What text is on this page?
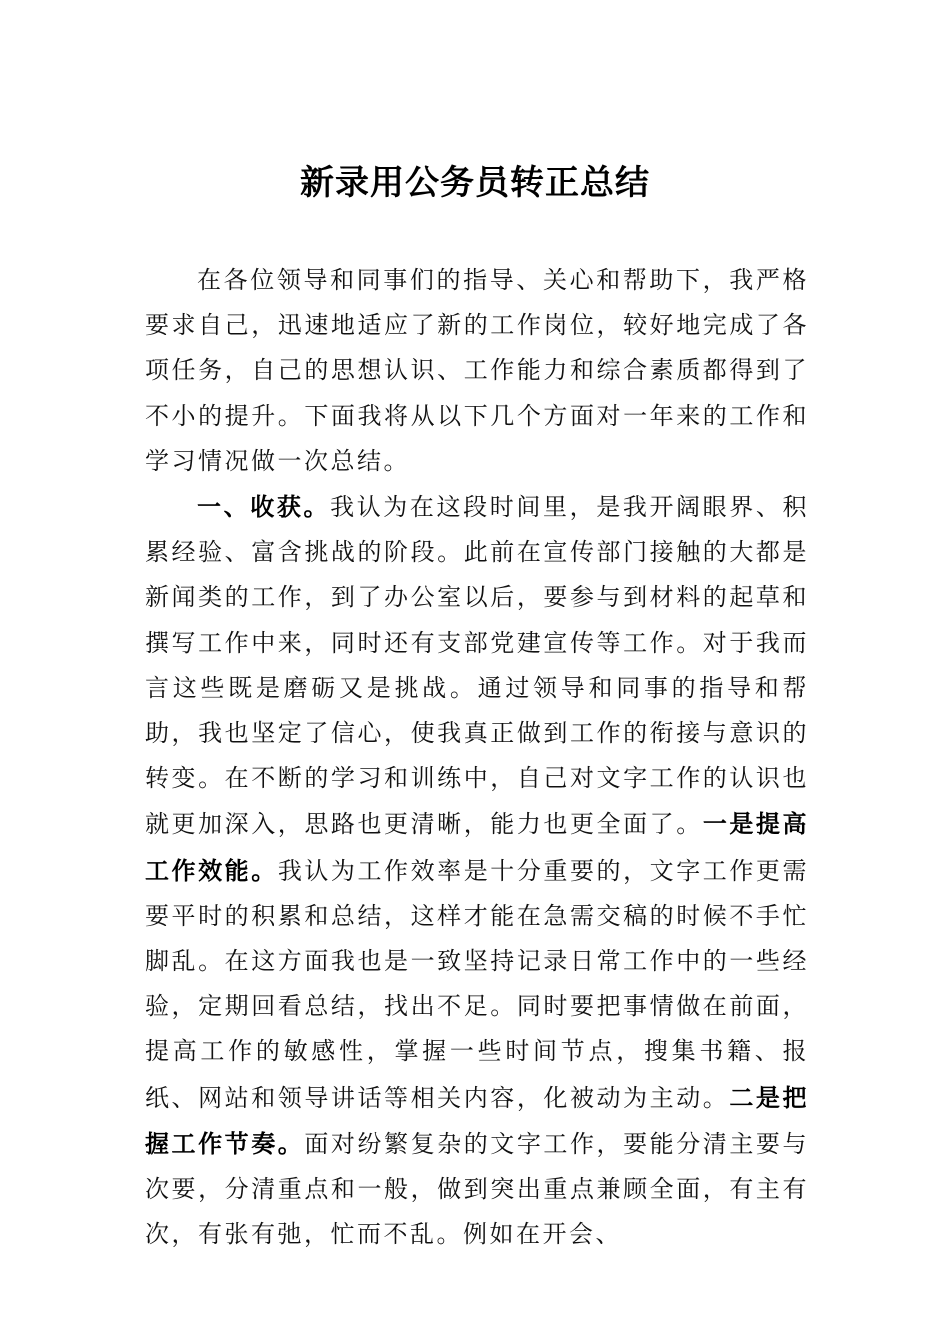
新录用公务员转正总结

在各位领导和同事们的指导、关心和帮助下，我严格要求自己，迅速地适应了新的工作岗位，较好地完成了各项任务，自己的思想认识、工作能力和综合素质都得到了不小的提升。下面我将从以下几个方面对一年来的工作和学习情况做一次总结。

一、收获。我认为在这段时间里，是我开阔眼界、积累经验、富含挑战的阶段。此前在宣传部门接触的大都是新闻类的工作，到了办公室以后，要参与到材料的起草和撰写工作中来，同时还有支部党建宣传等工作。对于我而言这些既是磨砺又是挑战。通过领导和同事的指导和帮助，我也坚定了信心，使我真正做到工作的衔接与意识的转变。在不断的学习和训练中，自己对文字工作的认识也就更加深入，思路也更清晰，能力也更全面了。一是提高工作效能。我认为工作效率是十分重要的，文字工作更需要平时的积累和总结，这样才能在急需交稿的时候不手忙脚乱。在这方面我也是一致坚持记录日常工作中的一些经验，定期回看总结，找出不足。同时要把事情做在前面，提高工作的敏感性，掌握一些时间节点，搜集书籍、报纸、网站和领导讲话等相关内容，化被动为主动。二是把握工作节奏。面对纷繁复杂的文字工作，要能分清主要与次要，分清重点和一般，做到突出重点兼顾全面，有主有次，有张有弛，忙而不乱。例如在开会、
